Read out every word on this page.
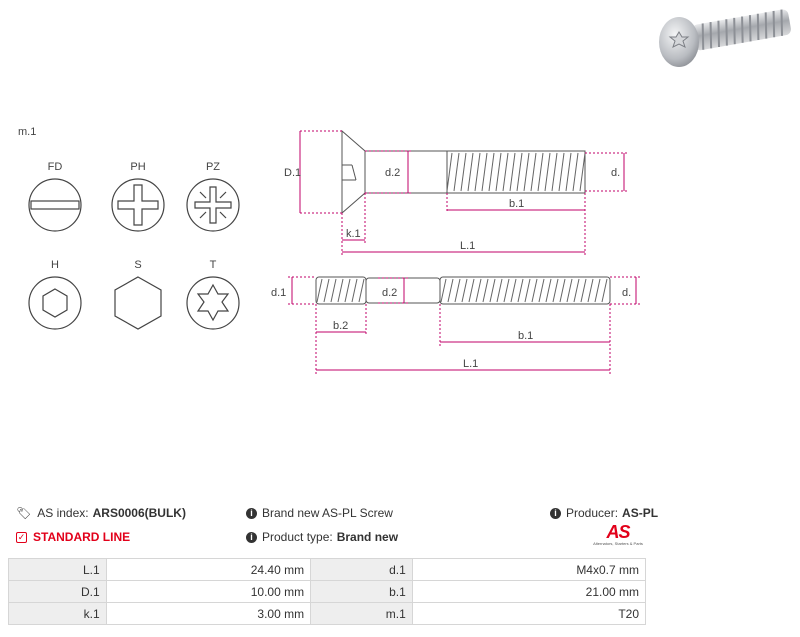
m.1
FD	PH	PZ
H	S	T
D.1	d.2	d.
b.1
k.1
L.1
d.1	d.2	d.
b.2
b.1
L.1
🏷 AS index: ARS0006(BULK)	i Brand new AS-PL Screw	i Producer: AS-PL
✓ STANDARD LINE	i Product type: Brand new	AS
Alternators, Starters & Parts
L.1	24.40 mm	d.1	M4x0.7 mm
D.1	10.00 mm	b.1	21.00 mm
k.1	3.00 mm	m.1	T20
